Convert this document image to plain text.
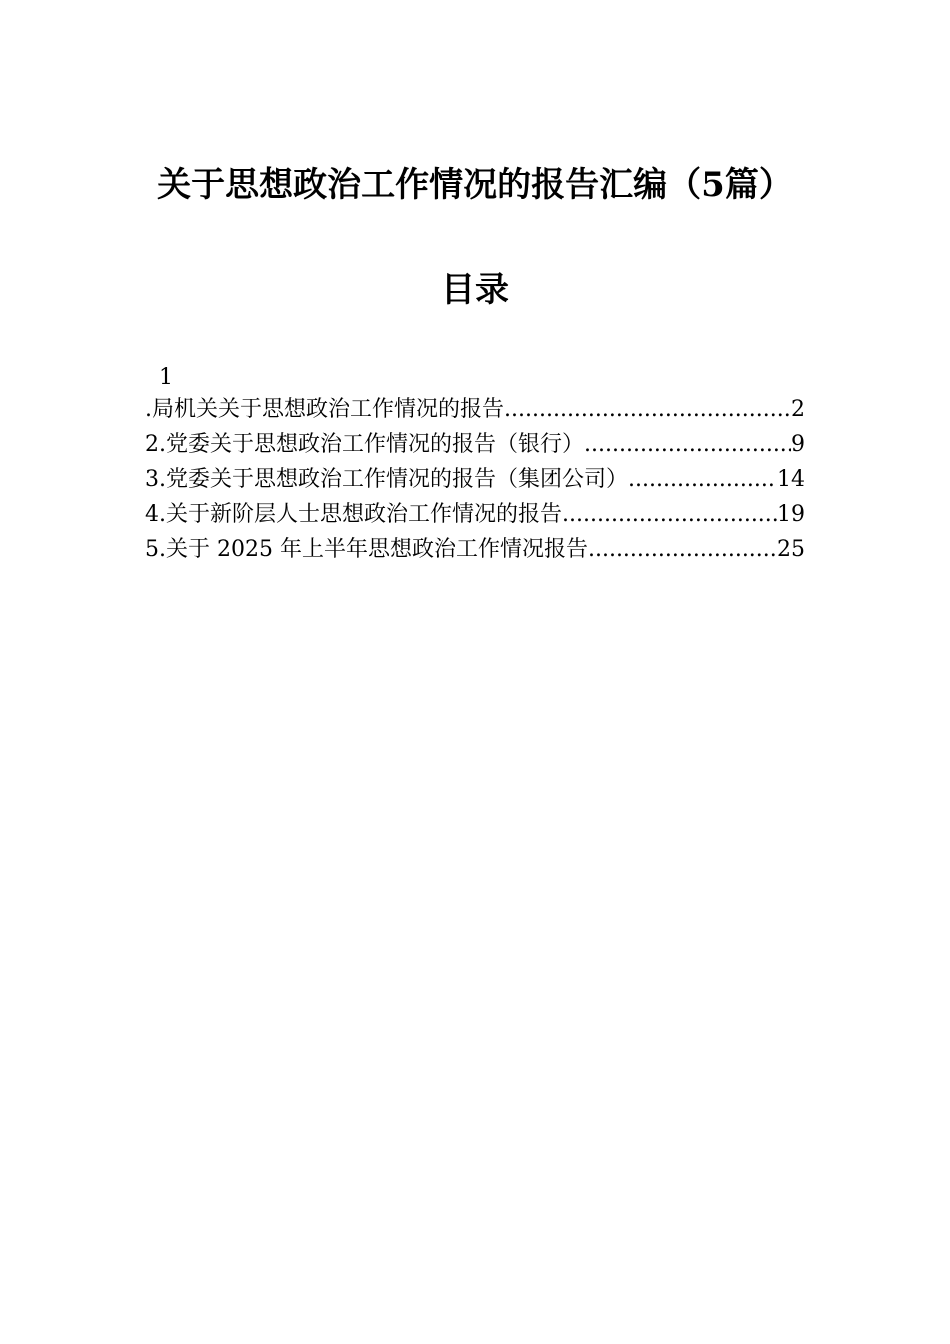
关于思想政治工作情况的报告汇编（5篇）
目录
1
.局机关关于思想政治工作情况的报告 .....	2
2.党委关于思想政治工作情况的报告（银行） .....	9
3.党委关于思想政治工作情况的报告（集团公司） .....	14
4.关于新阶层人士思想政治工作情况的报告 .....	19
5.关于 2025 年上半年思想政治工作情况报告 .....	25
